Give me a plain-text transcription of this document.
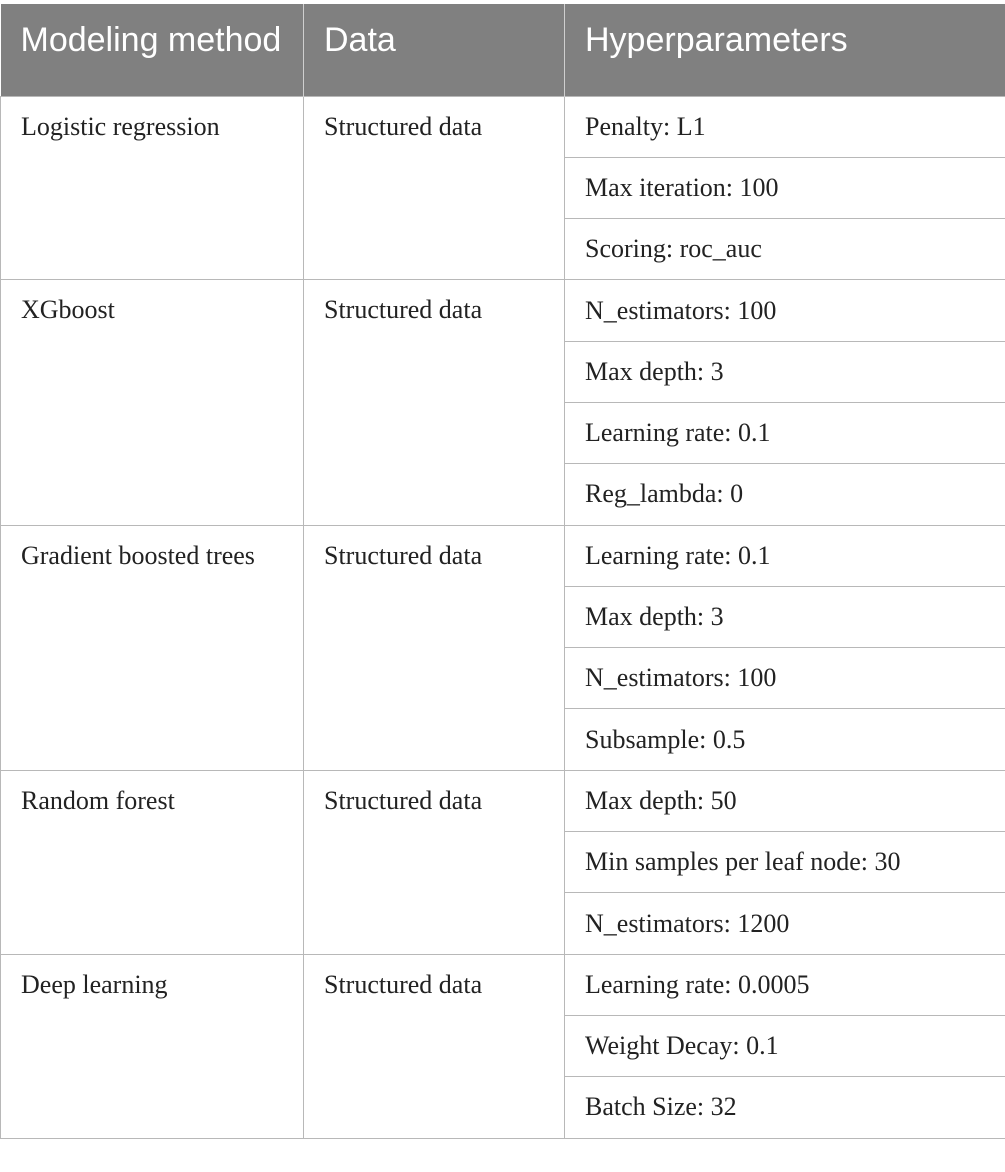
Modeling method	Data	Hyperparameters

Logistic regression	Structured data	Penalty: L1
		Max iteration: 100
		Scoring: roc_auc

XGboost	Structured data	N_estimators: 100
		Max depth: 3
		Learning rate: 0.1
		Reg_lambda: 0

Gradient boosted trees	Structured data	Learning rate: 0.1
		Max depth: 3
		N_estimators: 100
		Subsample: 0.5

Random forest	Structured data	Max depth: 50
		Min samples per leaf node: 30
		N_estimators: 1200

Deep learning	Structured data	Learning rate: 0.0005
		Weight Decay: 0.1
		Batch Size: 32
